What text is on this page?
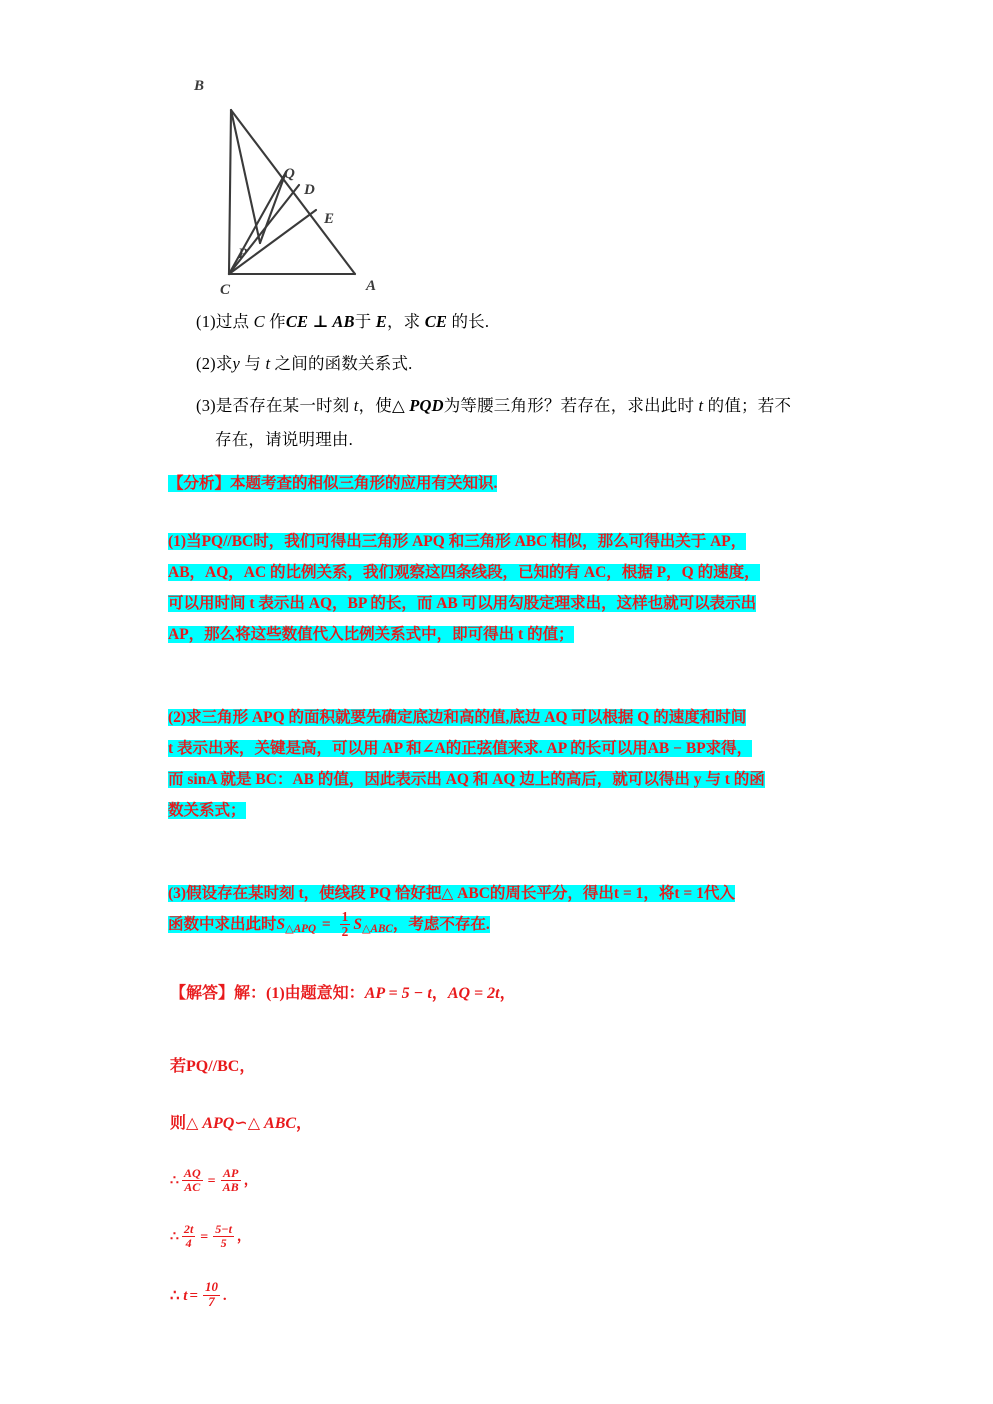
B
Q
D
E
P
C	A
(1)过点 C 作CE ⊥ AB于 E，求 CE 的长.
(2)求y 与 t 之间的函数关系式.
(3)是否存在某一时刻 t，使△ PQD为等腰三角形？若存在，求出此时 t 的值；若不
存在，请说明理由.
【分析】本题考查的相似三角形的应用有关知识.
(1)当PQ//BC时，我们可得出三角形 APQ 和三角形 ABC 相似，那么可得出关于 AP，
AB，AQ，AC 的比例关系，我们观察这四条线段，已知的有 AC，根据 P，Q 的速度，
可以用时间 t 表示出 AQ，BP 的长，而 AB 可以用勾股定理求出，这样也就可以表示出
AP，那么将这些数值代入比例关系式中，即可得出 t 的值；
(2)求三角形 APQ 的面积就要先确定底边和高的值,底边 AQ 可以根据 Q 的速度和时间
t 表示出来，关键是高，可以用 AP 和∠A的正弦值来求. AP 的长可以用AB − BP求得，
而 sinA 就是 BC：AB 的值，因此表示出 AQ 和 AQ 边上的高后，就可以得出 y 与 t 的函
数关系式；
(3)假设存在某时刻 t，使线段 PQ 恰好把△ ABC的周长平分，得出t = 1，将t = 1代入
函数中求出此时$S_{\triangle APQ} = \frac{1}{2} S_{\triangle ABC}$，考虑不存在.
【解答】解：(1)由题意知：AP = 5 − t，AQ = 2t，
若PQ//BC，
则△ APQ∽△ ABC，
∴ $\frac{AQ}{AC} = \frac{AP}{AB}$ ，
∴ $\frac{2t}{4} = \frac{5-t}{5}$ ，
∴ $t = \frac{10}{7}$ .
